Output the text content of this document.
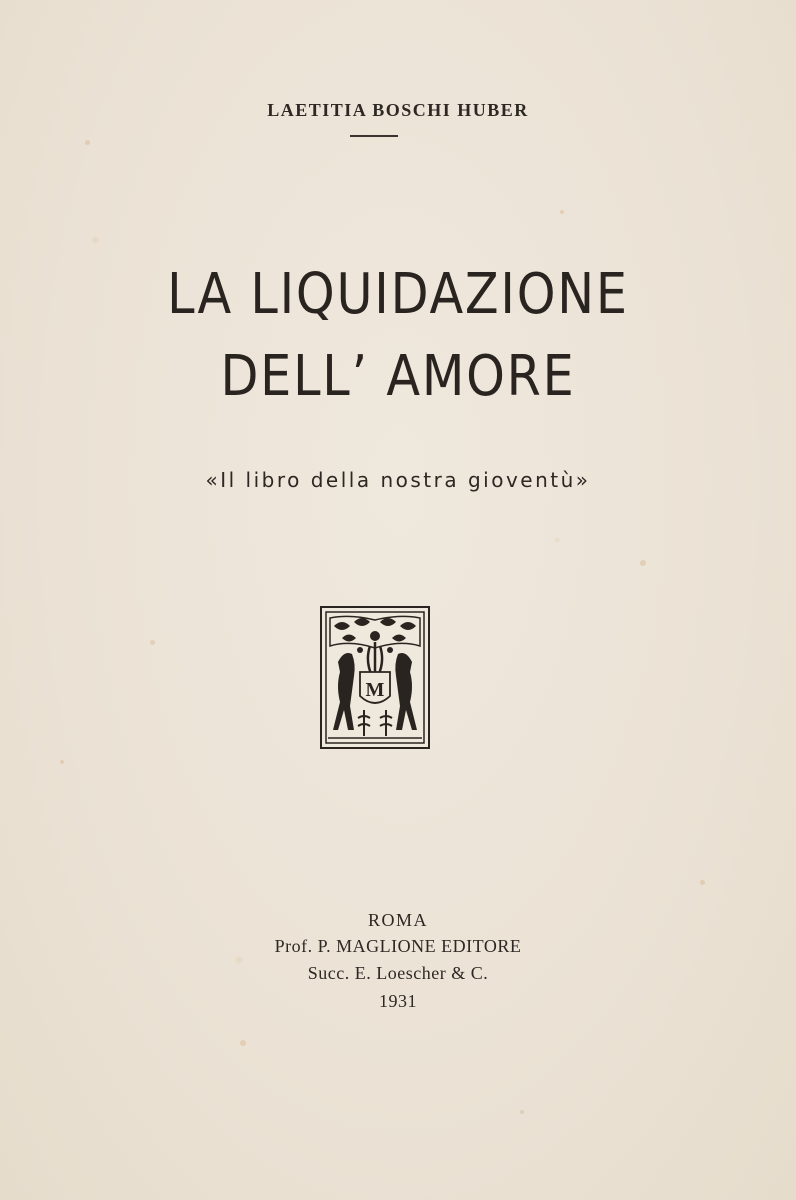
LAETITIA BOSCHI HUBER
LA LIQUIDAZIONE
DELL’ AMORE
«Il libro della nostra gioventù»
M
ROMA
Prof. P. MAGLIONE EDITORE
Succ. E. Loescher & C.
1931
